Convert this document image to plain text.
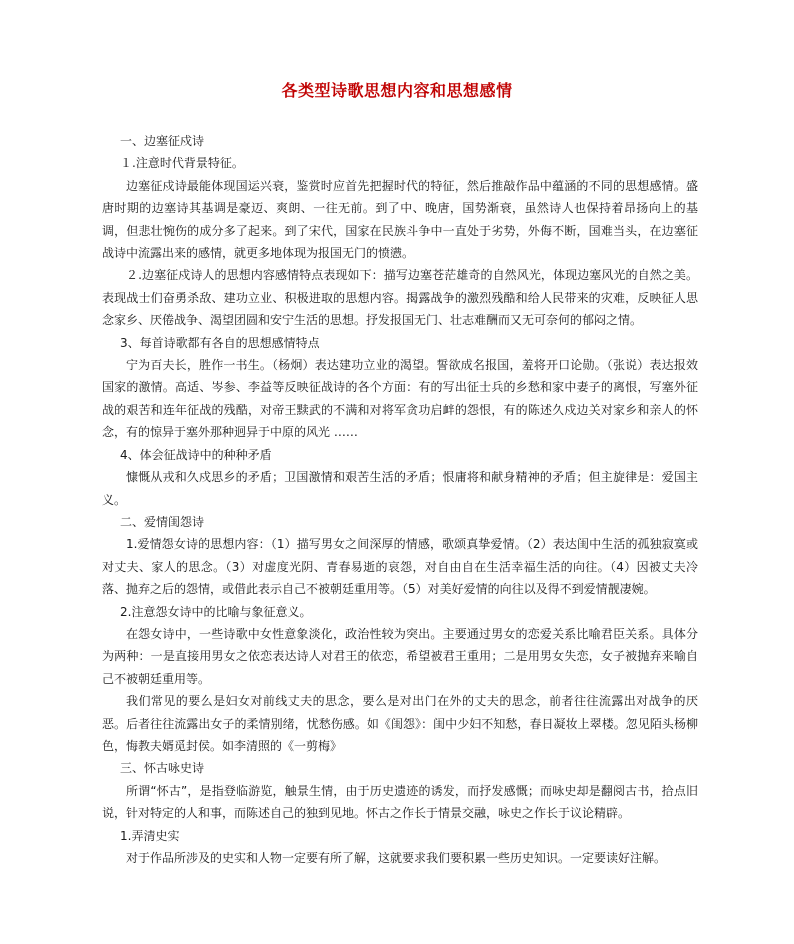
各类型诗歌思想内容和思想感情

一、边塞征戍诗

１.注意时代背景特征。

边塞征戍诗最能体现国运兴衰，鉴赏时应首先把握时代的特征，然后推敲作品中蕴涵的不同的思想感情。盛唐时期的边塞诗其基调是豪迈、爽朗、一往无前。到了中、晚唐，国势渐衰，虽然诗人也保持着昂扬向上的基调，但悲壮惋伤的成分多了起来。到了宋代，国家在民族斗争中一直处于劣势，外侮不断，国难当头，在边塞征战诗中流露出来的感情，就更多地体现为报国无门的愤懑。

２.边塞征戍诗人的思想内容感情特点表现如下：描写边塞苍茫雄奇的自然风光，体现边塞风光的自然之美。表现战士们奋勇杀敌、建功立业、积极进取的思想内容。揭露战争的激烈残酷和给人民带来的灾难，反映征人思念家乡、厌倦战争、渴望团圆和安宁生活的思想。抒发报国无门、壮志难酬而又无可奈何的郁闷之情。

3、每首诗歌都有各自的思想感情特点

宁为百夫长，胜作一书生。（杨炯）表达建功立业的渴望。誓欲成名报国，羞将开口论勋。（张说）表达报效国家的激情。高适、岑参、李益等反映征战诗的各个方面：有的写出征士兵的乡愁和家中妻子的离恨，写塞外征战的艰苦和连年征战的残酷，对帝王黩武的不满和对将军贪功启衅的怨恨，有的陈述久戍边关对家乡和亲人的怀念，有的惊异于塞外那种迥异于中原的风光 ……

4、体会征战诗中的种种矛盾

慷慨从戎和久戍思乡的矛盾；卫国激情和艰苦生活的矛盾；恨庸将和献身精神的矛盾；但主旋律是：爱国主义。

二、爱情闺怨诗

1.爱情怨女诗的思想内容：（1）描写男女之间深厚的情感，歌颂真挚爱情。（2）表达闺中生活的孤独寂寞或对丈夫、家人的思念。（3）对虚度光阴、青春易逝的哀怨，对自由自在生活幸福生活的向往。（4）因被丈夫冷落、抛弃之后的怨情，或借此表示自己不被朝廷重用等。（5）对美好爱情的向往以及得不到爱情靓凄婉。

2.注意怨女诗中的比喻与象征意义。

在怨女诗中，一些诗歌中女性意象淡化，政治性较为突出。主要通过男女的恋爱关系比喻君臣关系。具体分为两种：一是直接用男女之依恋表达诗人对君王的依恋，希望被君王重用；二是用男女失恋，女子被抛弃来喻自己不被朝廷重用等。

我们常见的要么是妇女对前线丈夫的思念，要么是对出门在外的丈夫的思念，前者往往流露出对战争的厌恶。后者往往流露出女子的柔情别绪，忧愁伤感。如《闺怨》：闺中少妇不知愁，春日凝妆上翠楼。忽见陌头杨柳色，悔教夫婿觅封侯。如李清照的《一剪梅》

三、怀古咏史诗

所谓“怀古”，是指登临游览，触景生情，由于历史遗迹的诱发，而抒发感慨；而咏史却是翻阅古书，拾点旧说，针对特定的人和事，而陈述自己的独到见地。怀古之作长于情景交融，咏史之作长于议论精辟。

1.弄清史实

对于作品所涉及的史实和人物一定要有所了解，这就要求我们要积累一些历史知识。一定要读好注解。
